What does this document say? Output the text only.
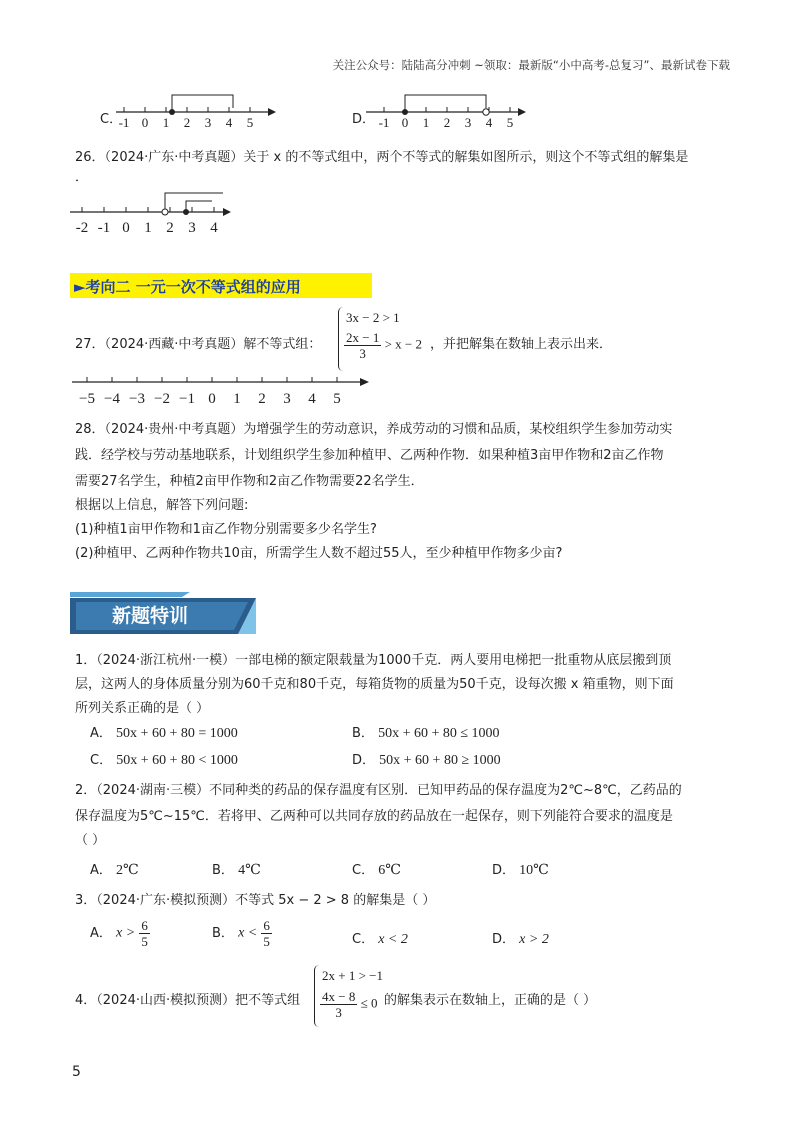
关注公众号：陆陆高分冲刺 ~领取：最新版“小中高考-总复习”、最新试卷下载
C．
-1 0 1 2 3 4 5	D． -1 0 1 2 3 4 5
26．（2024·广东·中考真题）关于 x 的不等式组中，两个不等式的解集如图所示，则这个不等式组的解集是
．
-2 -1 0 1 2 3 4
►考向二 一元一次不等式组的应用
27．（2024·西藏·中考真题）解不等式组：
3x − 2 > 1
$\frac{2x - 1}{3} > x - 2$ ，并把解集在数轴上表示出来．
−5 −4 −3 −2 −1 0 1 2 3 4 5
28．（2024·贵州·中考真题）为增强学生的劳动意识，养成劳动的习惯和品质，某校组织学生参加劳动实
践．经学校与劳动基地联系，计划组织学生参加种植甲、乙两种作物．如果种植3亩甲作物和2亩乙作物
需要27名学生，种植2亩甲作物和2亩乙作物需要22名学生．
根据以上信息，解答下列问题:
(1)种植1亩甲作物和1亩乙作物分别需要多少名学生?
(2)种植甲、乙两种作物共10亩，所需学生人数不超过55人，至少种植甲作物多少亩?
新题特训
1．（2024·浙江杭州·一模）一部电梯的额定限载量为1000千克．两人要用电梯把一批重物从底层搬到顶
层，这两人的身体质量分别为60千克和80千克，每箱货物的质量为50千克，设每次搬 x 箱重物，则下面
所列关系正确的是（ ）
A． 50x + 60 + 80 = 1000	B． 50x + 60 + 80 ≤ 1000
C． 50x + 60 + 80 < 1000	D． 50x + 60 + 80 ≥ 1000
2．（2024·湖南·三模）不同种类的药品的保存温度有区别．已知甲药品的保存温度为2℃~8℃，乙药品的
保存温度为5℃~15℃．若将甲、乙两种可以共同存放的药品放在一起保存，则下列能符合要求的温度是
（ ）
A． 2℃	B． 4℃	C． 6℃	D． 10℃
3．（2024·广东·模拟预测）不等式 5x − 2 > 8 的解集是（ ）
A． $x > \frac{6}{5}$	B． $x < \frac{6}{5}$	C． x < 2	D． x > 2
4．（2024·山西·模拟预测）把不等式组
2x + 1 > −1
$\frac{4x - 8}{3} \le 0$ 的解集表示在数轴上，正确的是（ ）
5
